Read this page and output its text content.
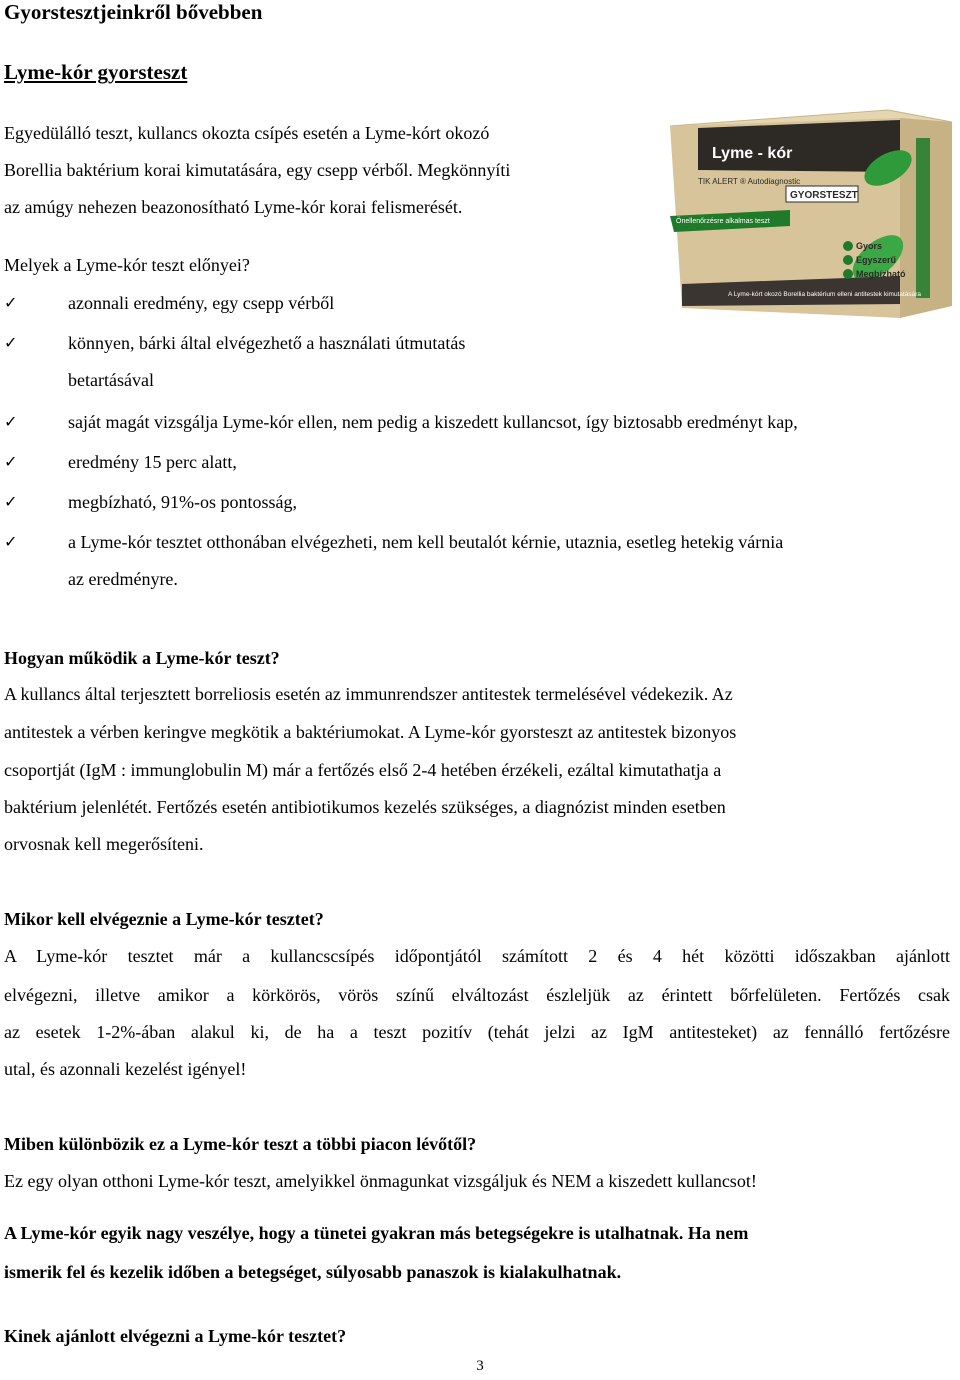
Gyorstesztjeinkről bővebben
Lyme-kór gyorsteszt
Egyedülálló teszt, kullancs okozta csípés esetén a Lyme-kórt okozó
Borellia baktérium korai kimutatására, egy csepp vérből. Megkönnyíti
az amúgy nehezen beazonosítható Lyme-kór korai felismerését.
Melyek a Lyme-kór teszt előnyei?
✓	azonnali eredmény, egy csepp vérből
✓	könnyen, bárki által elvégezhető a használati útmutatás
betartásával
✓	saját magát vizsgálja Lyme-kór ellen, nem pedig a kiszedett kullancsot, így biztosabb eredményt kap,
✓	eredmény 15 perc alatt,
✓	megbízható, 91%-os pontosság,
✓	a Lyme-kór tesztet otthonában elvégezheti, nem kell beutalót kérnie, utaznia, esetleg hetekig várnia
az eredményre.
Hogyan működik a Lyme-kór teszt?
A kullancs által terjesztett borreliosis esetén az immunrendszer antitestek termelésével védekezik. Az
antitestek a vérben keringve megkötik a baktériumokat. A Lyme-kór gyorsteszt az antitestek bizonyos
csoportját (IgM : immunglobulin M) már a fertőzés első 2-4 hetében érzékeli, ezáltal kimutathatja a
baktérium jelenlétét. Fertőzés esetén antibiotikumos kezelés szükséges, a diagnózist minden esetben
orvosnak kell megerősíteni.
Mikor kell elvégeznie a Lyme-kór tesztet?
A Lyme-kór tesztet már a kullancscsípés időpontjától számított 2 és 4 hét közötti időszakban ajánlott
elvégezni, illetve amikor a körkörös, vörös színű elváltozást észleljük az érintett bőrfelületen. Fertőzés csak
az esetek 1-2%-ában alakul ki, de ha a teszt pozitív (tehát jelzi az IgM antitesteket) az fennálló fertőzésre
utal, és azonnali kezelést igényel!
Miben különbözik ez a Lyme-kór teszt a többi piacon lévőtől?
Ez egy olyan otthoni Lyme-kór teszt, amelyikkel önmagunkat vizsgáljuk és NEM a kiszedett kullancsot!
A Lyme-kór egyik nagy veszélye, hogy a tünetei gyakran más betegségekre is utalhatnak. Ha nem
ismerik fel és kezelik időben a betegséget, súlyosabb panaszok is kialakulhatnak.
Kinek ajánlott elvégezni a Lyme-kór tesztet?
3
Lyme - kór
TIK ALERT ® Autodiagnostic
GYORSTESZT
Önellenőrzésre alkalmas teszt
Gyors
Egyszerű
Megbízható
A Lyme-kórt okozó Borellia baktérium elleni antitestek kimutatására
